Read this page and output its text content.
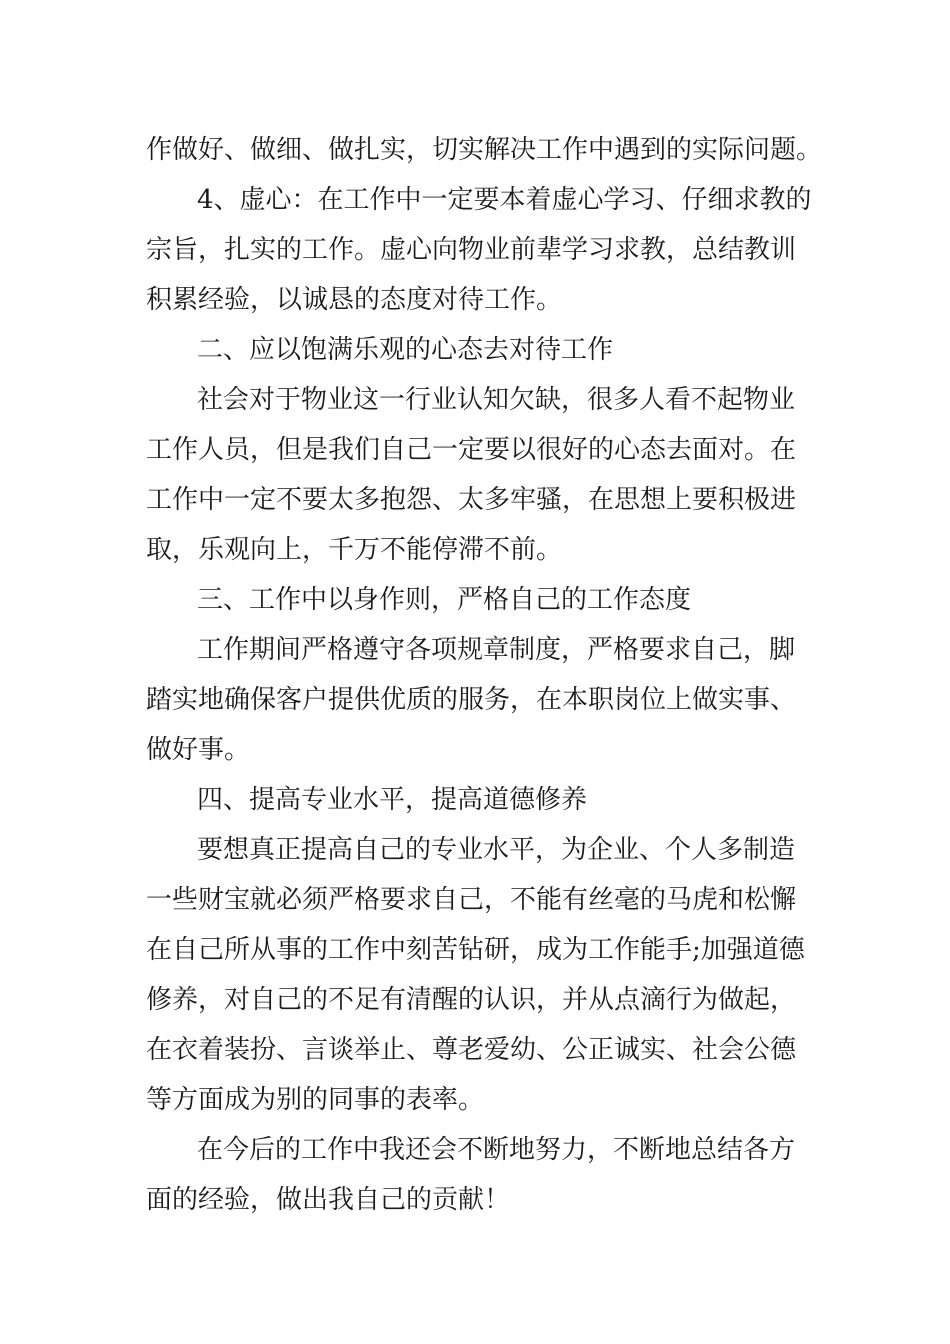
作做好、做细、做扎实，切实解决工作中遇到的实际问题。

4、虚心：在工作中一定要本着虚心学习、仔细求教的

宗旨，扎实的工作。虚心向物业前辈学习求教，总结教训

积累经验，以诚恳的态度对待工作。

二、应以饱满乐观的心态去对待工作

社会对于物业这一行业认知欠缺，很多人看不起物业

工作人员，但是我们自己一定要以很好的心态去面对。在

工作中一定不要太多抱怨、太多牢骚，在思想上要积极进

取，乐观向上，千万不能停滞不前。

三、工作中以身作则，严格自己的工作态度

工作期间严格遵守各项规章制度，严格要求自己，脚

踏实地确保客户提供优质的服务，在本职岗位上做实事、

做好事。

四、提高专业水平，提高道德修养

要想真正提高自己的专业水平，为企业、个人多制造

一些财宝就必须严格要求自己，不能有丝毫的马虎和松懈

在自己所从事的工作中刻苦钻研，成为工作能手;加强道德

修养，对自己的不足有清醒的认识，并从点滴行为做起，

在衣着装扮、言谈举止、尊老爱幼、公正诚实、社会公德

等方面成为别的同事的表率。

在今后的工作中我还会不断地努力，不断地总结各方

面的经验，做出我自己的贡献！
